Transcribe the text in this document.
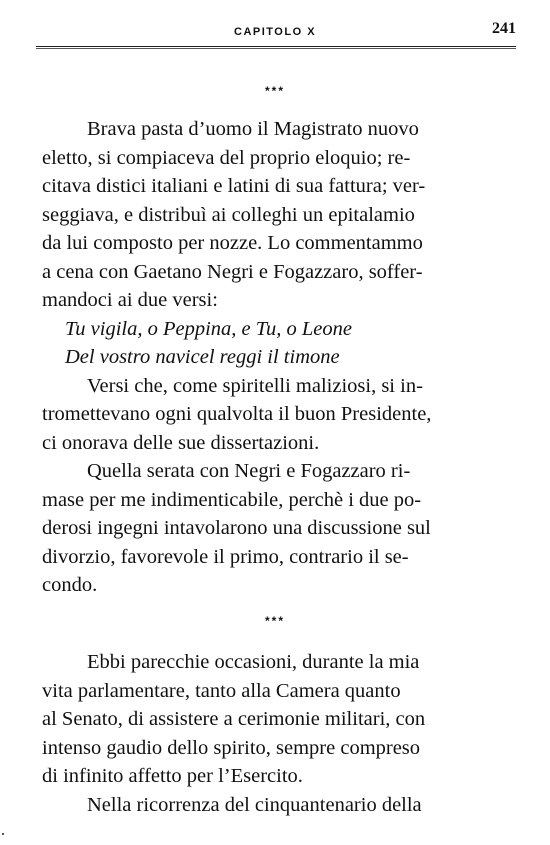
CAPITOLO X	241
***

Brava pasta d’uomo il Magistrato nuovo
eletto, si compiaceva del proprio eloquio; re-
citava distici italiani e latini di sua fattura; ver-
seggiava, e distribuì ai colleghi un epitalamio
da lui composto per nozze. Lo commentammo
a cena con Gaetano Negri e Fogazzaro, soffer-
mandoci ai due versi:

Tu vigila, o Peppina, e Tu, o Leone

Del vostro navicel reggi il timone

Versi che, come spiritelli maliziosi, si in-
tromettevano ogni qualvolta il buon Presidente,
ci onorava delle sue dissertazioni.

Quella serata con Negri e Fogazzaro ri-
mase per me indimenticabile, perchè i due po-
derosi ingegni intavolarono una discussione sul
divorzio, favorevole il primo, contrario il se-
condo.

***

Ebbi parecchie occasioni, durante la mia
vita parlamentare, tanto alla Camera quanto
al Senato, di assistere a cerimonie militari, con
intenso gaudio dello spirito, sempre compreso
di infinito affetto per l’Esercito.

Nella ricorrenza del cinquantenario della
